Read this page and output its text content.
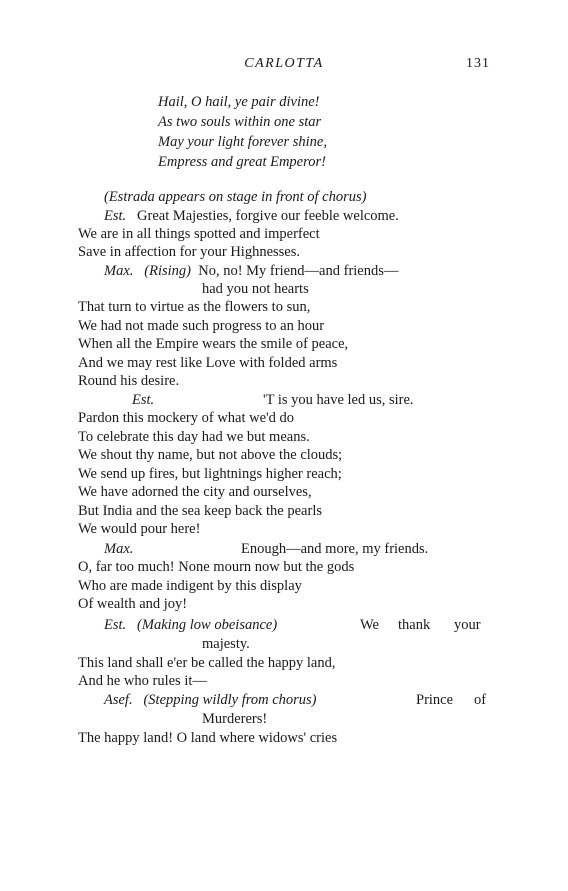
CARLOTTA	131
Hail, O hail, ye pair divine!
As two souls within one star
May your light forever shine,
Empress and great Emperor!
(Estrada appears on stage in front of chorus)
Est. Great Majesties, forgive our feeble welcome.
We are in all things spotted and imperfect
Save in affection for your Highnesses.
Max. (Rising) No, no! My friend—and friends—
had you not hearts
That turn to virtue as the flowers to sun,
We had not made such progress to an hour
When all the Empire wears the smile of peace,
And we may rest like Love with folded arms
Round his desire.
Est.	'T is you have led us, sire.
Pardon this mockery of what we'd do
To celebrate this day had we but means.
We shout thy name, but not above the clouds;
We send up fires, but lightnings higher reach;
We have adorned the city and ourselves,
But India and the sea keep back the pearls
We would pour here!
Max.	Enough—and more, my friends.
O, far too much! None mourn now but the gods
Who are made indigent by this display
Of wealth and joy!
Est. (Making low obeisance)	We thank your
majesty.
This land shall e'er be called the happy land,
And he who rules it—
Asef. (Stepping wildly from chorus)	Prince of
Murderers!
The happy land! O land where widows' cries
